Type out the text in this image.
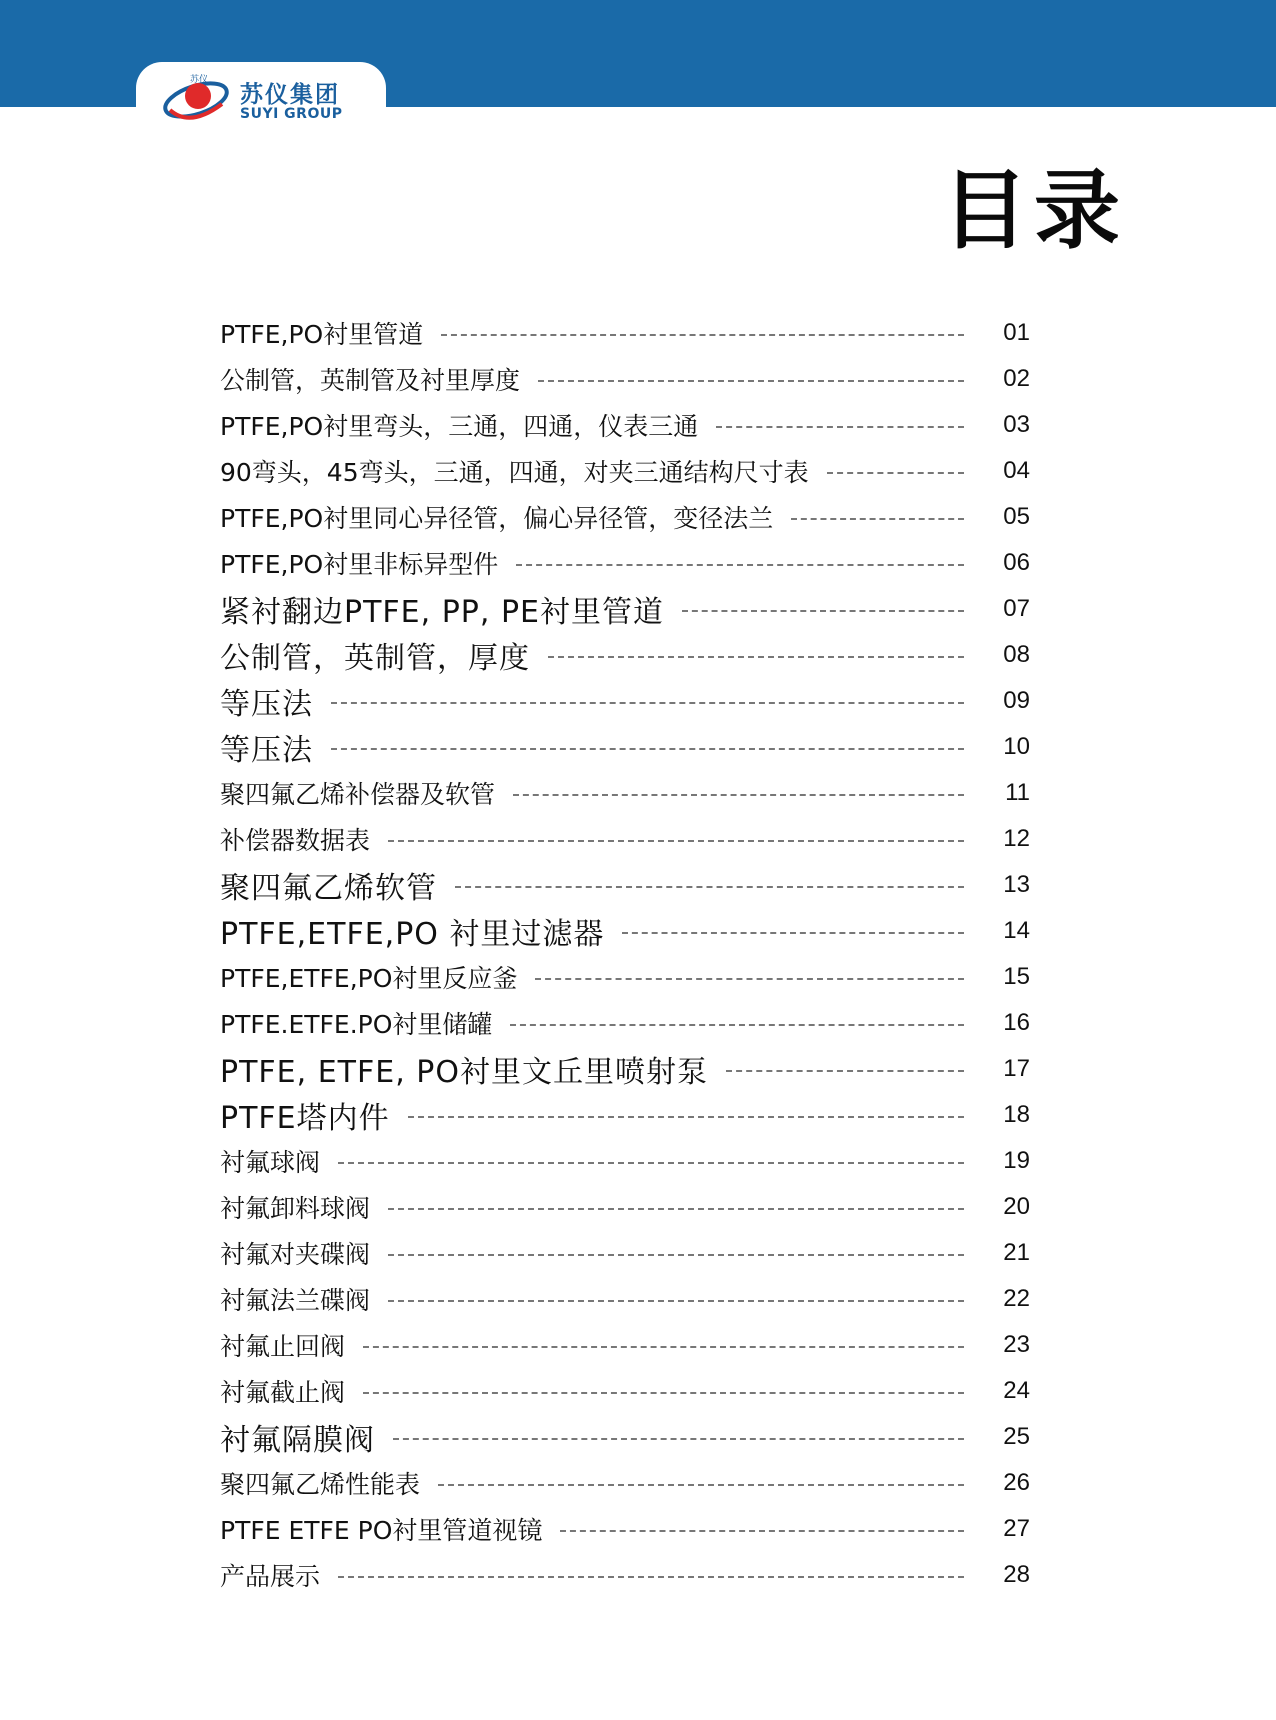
苏仪
苏仪集团
SUYI GROUP
目录
PTFE,PO衬里管道	01
公制管，英制管及衬里厚度	02
PTFE,PO衬里弯头，三通，四通，仪表三通	03
90弯头，45弯头，三通，四通，对夹三通结构尺寸表	04
PTFE,PO衬里同心异径管，偏心异径管，变径法兰	05
PTFE,PO衬里非标异型件	06
紧衬翻边PTFE, PP, PE衬里管道	07
公制管，英制管，厚度	08
等压法	09
等压法	10
聚四氟乙烯补偿器及软管	11
补偿器数据表	12
聚四氟乙烯软管	13
PTFE,ETFE,PO 衬里过滤器	14
PTFE,ETFE,PO衬里反应釜	15
PTFE.ETFE.PO衬里储罐	16
PTFE, ETFE, PO衬里文丘里喷射泵	17
PTFE塔内件	18
衬氟球阀	19
衬氟卸料球阀	20
衬氟对夹碟阀	21
衬氟法兰碟阀	22
衬氟止回阀	23
衬氟截止阀	24
衬氟隔膜阀	25
聚四氟乙烯性能表	26
PTFE ETFE PO衬里管道视镜	27
产品展示	28
